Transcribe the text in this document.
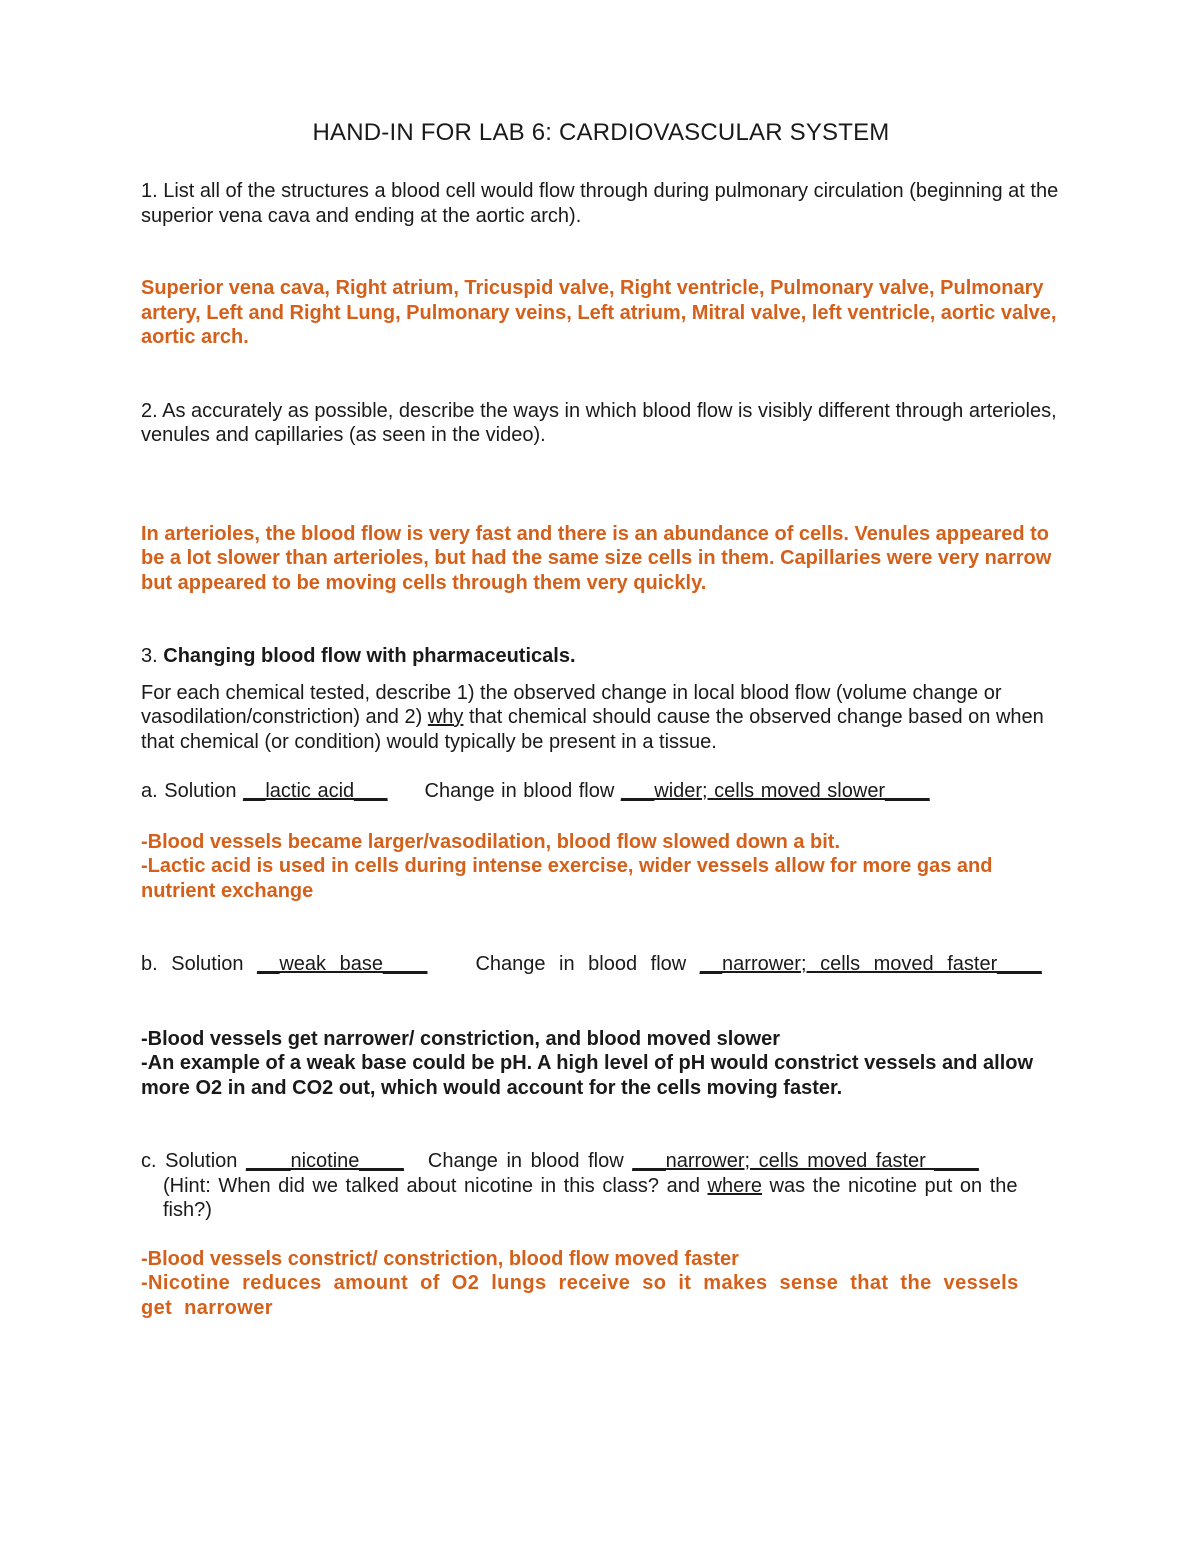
HAND-IN FOR LAB 6: CARDIOVASCULAR SYSTEM

1. List all of the structures a blood cell would flow through during pulmonary circulation (beginning at the superior vena cava and ending at the aortic arch).

Superior vena cava, Right atrium, Tricuspid valve, Right ventricle, Pulmonary valve, Pulmonary artery, Left and Right Lung, Pulmonary veins, Left atrium, Mitral valve, left ventricle, aortic valve, aortic arch.

2. As accurately as possible, describe the ways in which blood flow is visibly different through arterioles, venules and capillaries (as seen in the video).

In arterioles, the blood flow is very fast and there is an abundance of cells. Venules appeared to be a lot slower than arterioles, but had the same size cells in them. Capillaries were very narrow but appeared to be moving cells through them very quickly.

3. Changing blood flow with pharmaceuticals.

For each chemical tested, describe 1) the observed change in local blood flow (volume change or vasodilation/constriction) and 2) why that chemical should cause the observed change based on when that chemical (or condition) would typically be present in a tissue.

a. Solution __lactic acid___ Change in blood flow ___wider; cells moved slower____

-Blood vessels became larger/vasodilation, blood flow slowed down a bit.

-Lactic acid is used in cells during intense exercise, wider vessels allow for more gas and nutrient exchange

b. Solution __weak base____ Change in blood flow __narrower; cells moved faster____

-Blood vessels get narrower/ constriction, and blood moved slower

-An example of a weak base could be pH. A high level of pH would constrict vessels and allow more O2 in and CO2 out, which would account for the cells moving faster.

c. Solution ____nicotine____ Change in blood flow ___narrower; cells moved faster ____

(Hint: When did we talked about nicotine in this class? and where was the nicotine put on the fish?)

-Blood vessels constrict/ constriction, blood flow moved faster

-Nicotine reduces amount of O2 lungs receive so it makes sense that the vessels get narrower
